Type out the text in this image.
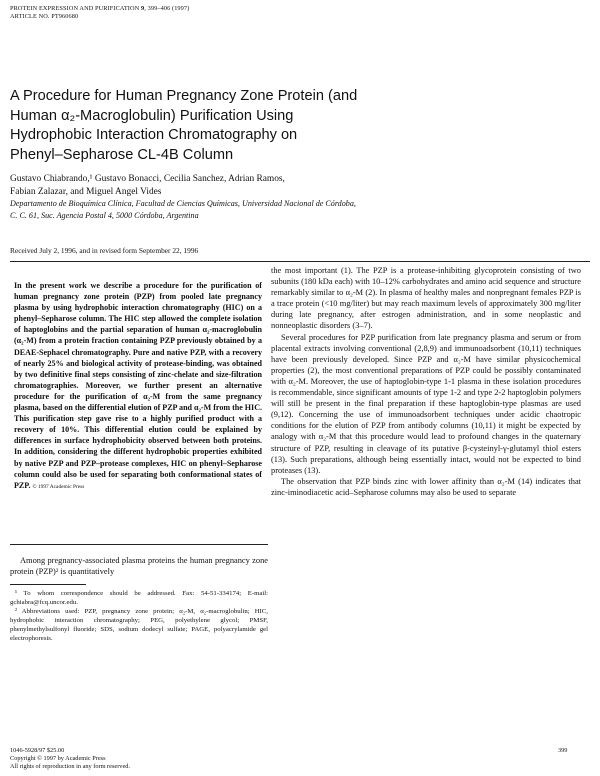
PROTEIN EXPRESSION AND PURIFICATION 9, 399–406 (1997)
ARTICLE NO. PT960680
A Procedure for Human Pregnancy Zone Protein (and
Human α₂-Macroglobulin) Purification Using
Hydrophobic Interaction Chromatography on
Phenyl–Sepharose CL-4B Column
Gustavo Chiabrando,¹ Gustavo Bonacci, Cecilia Sanchez, Adrian Ramos,
Fabian Zalazar, and Miguel Angel Vides
Departamento de Bioquímica Clínica, Facultad de Ciencias Químicas, Universidad Nacional de Córdoba,
C. C. 61, Suc. Agencia Postal 4, 5000 Córdoba, Argentina
Received July 2, 1996, and in revised form September 22, 1996
In the present work we describe a procedure for the purification of human pregnancy zone protein (PZP) from pooled late pregnancy plasma by using hydrophobic interaction chromatography (HIC) on a phenyl–Sepharose column. The HIC step allowed the complete isolation of haptoglobins and the partial separation of human α₂-macroglobulin (α₂-M) from a protein fraction containing PZP previously obtained by a DEAE-Sephacel chromatography. Pure and native PZP, with a recovery of nearly 25% and biological activity of protease-binding, was obtained by two definitive final steps consisting of zinc-chelate and size-filtration chromatographies. Moreover, we further present an alternative procedure for the purification of α₂-M from the same pregnancy plasma, based on the differential elution of PZP and α₂-M from the HIC. This purification step gave rise to a highly purified product with a recovery of 10%. This differential elution could be explained by differences in surface hydrophobicity observed between both proteins. In addition, considering the different hydrophobic properties exhibited by native PZP and PZP–protease complexes, HIC on phenyl–Sepharose column could also be used for separating both conformational states of PZP. © 1997 Academic Press

Among pregnancy-associated plasma proteins the human pregnancy zone protein (PZP)² is quantitatively

¹ To whom correspondence should be addressed. Fax: 54-51-334174; E-mail: gchiabra@fcq.uncor.edu.

² Abbreviations used: PZP, pregnancy zone protein; α₂-M, α₂-macroglobulin; HIC, hydrophobic interaction chromatography; PEG, polyethylene glycol; PMSF, phenylmethylsulfonyl fluoride; SDS, sodium dodecyl sulfate; PAGE, polyacrylamide gel electrophoresis.

the most important (1). The PZP is a protease-inhibiting glycoprotein consisting of two subunits (180 kDa each) with 10–12% carbohydrates and amino acid sequence and structure remarkably similar to α₂-M (2). In plasma of healthy males and nonpregnant females PZP is a trace protein (<10 mg/liter) but may reach maximum levels of approximately 300 mg/liter during late pregnancy, after estrogen administration, and in some neoplastic and nonneoplastic disorders (3–7).

Several procedures for PZP purification from late pregnancy plasma and serum or from placental extracts involving conventional (2,8,9) and immunoadsorbent (10,11) techniques have been previously developed. Since PZP and α₂-M have similar physicochemical properties (2), the most conventional preparations of PZP could be possibly contaminated with α₂-M. Moreover, the use of haptoglobin-type 1-1 plasma in these isolation procedures is recommendable, since significant amounts of type 1-2 and type 2-2 haptoglobin polymers will still be present in the final preparation if these haptoglobin-type plasmas are used (9,12). Concerning the use of immunoadsorbent techniques under acidic chaotropic conditions for the elution of PZP from antibody columns (10,11) it might be expected by analogy with α₂-M that this procedure would lead to profound changes in the quaternary structure of PZP, resulting in cleavage of its putative β-cysteinyl-γ-glutamyl thiol esters (13). Such preparations, although being essentially intact, would not be expected to bind proteases (13).

The observation that PZP binds zinc with lower affinity than α₂-M (14) indicates that zinc-iminodiacetic acid–Sepharose columns may also be used to separate

1046-5928/97 $25.00
Copyright © 1997 by Academic Press
All rights of reproduction in any form reserved.
399
